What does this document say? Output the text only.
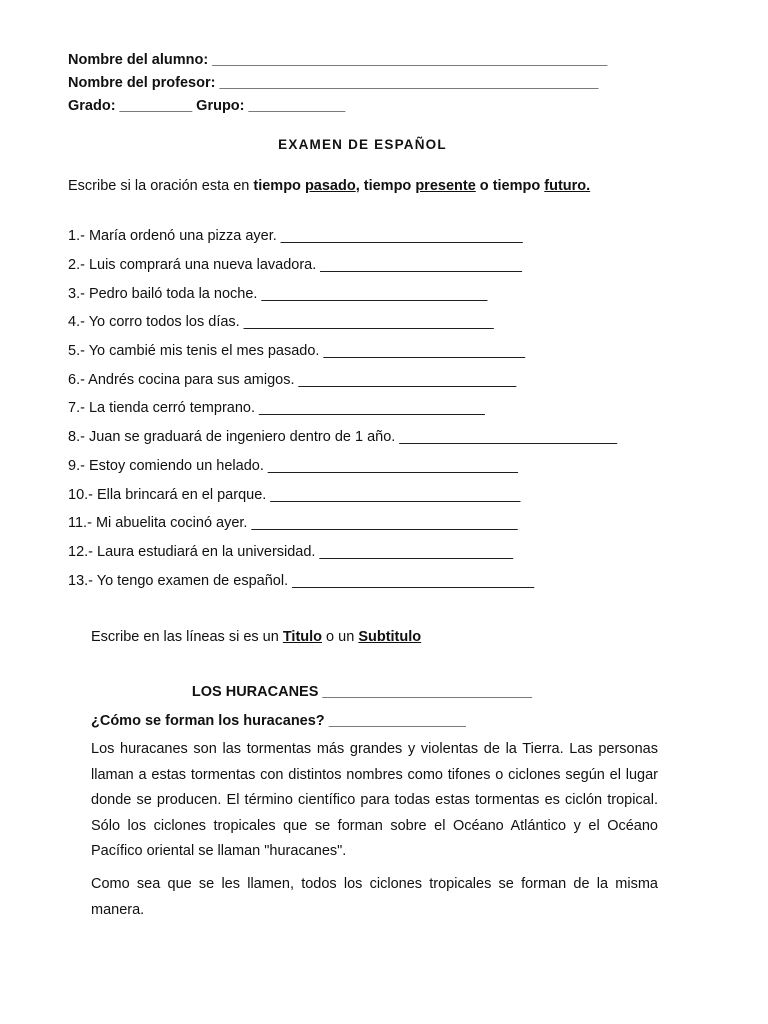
Nombre del alumno: _________________________________________________
Nombre del profesor: _______________________________________________
Grado: _________ Grupo: ____________
EXAMEN DE ESPAÑOL
Escribe si la oración esta en tiempo pasado, tiempo presente o tiempo futuro.
1.- María ordenó una pizza ayer. ______________________________
2.- Luis comprará una nueva lavadora. _________________________
3.- Pedro bailó toda la noche. ____________________________
4.- Yo corro todos los días. _______________________________
5.- Yo cambié mis tenis el mes pasado. _________________________
6.- Andrés cocina para sus amigos. ___________________________
7.- La tienda cerró temprano. ____________________________
8.- Juan se graduará de ingeniero dentro de 1 año. ___________________________
9.- Estoy comiendo un helado. _______________________________
10.- Ella brincará en el parque. _______________________________
11.- Mi abuelita cocinó ayer. _________________________________
12.- Laura estudiará en la universidad. ________________________
13.- Yo tengo examen de español. ______________________________
Escribe en las líneas si es un Titulo o un Subtitulo
LOS HURACANES __________________________
¿Cómo se forman los huracanes? _________________

Los huracanes son las tormentas más grandes y violentas de la Tierra. Las personas llaman a estas tormentas con distintos nombres como tifones o ciclones según el lugar donde se producen. El término científico para todas estas tormentas es ciclón tropical. Sólo los ciclones tropicales que se forman sobre el Océano Atlántico y el Océano Pacífico oriental se llaman "huracanes".

Como sea que se les llamen, todos los ciclones tropicales se forman de la misma manera.
